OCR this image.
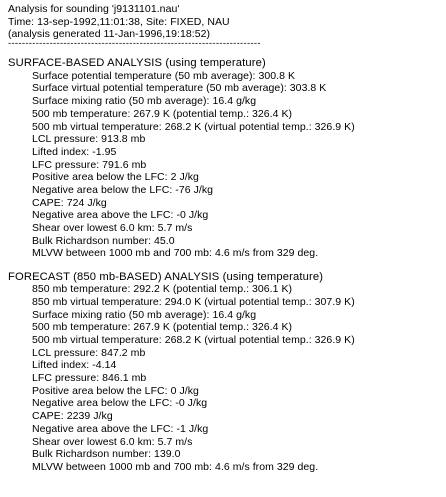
Analysis for sounding 'j9131101.nau'
Time: 13-sep-1992,11:01:38, Site: FIXED, NAU
(analysis generated 11-Jan-1996,19:18:52)
-------------------------------------------------------------------------
SURFACE-BASED ANALYSIS (using temperature)
Surface potential temperature (50 mb average): 300.8 K
Surface virtual potential temperature (50 mb average): 303.8 K
Surface mixing ratio (50 mb average): 16.4 g/kg
500 mb temperature: 267.9 K (potential temp.: 326.4 K)
500 mb virtual temperature: 268.2 K (virtual potential temp.: 326.9 K)
LCL pressure: 913.8 mb
Lifted index: -1.95
LFC pressure: 791.6 mb
Positive area below the LFC: 2 J/kg
Negative area below the LFC: -76 J/kg
CAPE: 724 J/kg
Negative area above the LFC: -0 J/kg
Shear over lowest 6.0 km: 5.7 m/s
Bulk Richardson number: 45.0
MLVW between 1000 mb and 700 mb: 4.6 m/s from 329 deg.
FORECAST (850 mb-BASED) ANALYSIS (using temperature)
850 mb temperature: 292.2 K (potential temp.: 306.1 K)
850 mb virtual temperature: 294.0 K (virtual potential temp.: 307.9 K)
Surface mixing ratio (50 mb average): 16.4 g/kg
500 mb temperature: 267.9 K (potential temp.: 326.4 K)
500 mb virtual temperature: 268.2 K (virtual potential temp.: 326.9 K)
LCL pressure: 847.2 mb
Lifted index: -4.14
LFC pressure: 846.1 mb
Positive area below the LFC: 0 J/kg
Negative area below the LFC: -0 J/kg
CAPE: 2239 J/kg
Negative area above the LFC: -1 J/kg
Shear over lowest 6.0 km: 5.7 m/s
Bulk Richardson number: 139.0
MLVW between 1000 mb and 700 mb: 4.6 m/s from 329 deg.
